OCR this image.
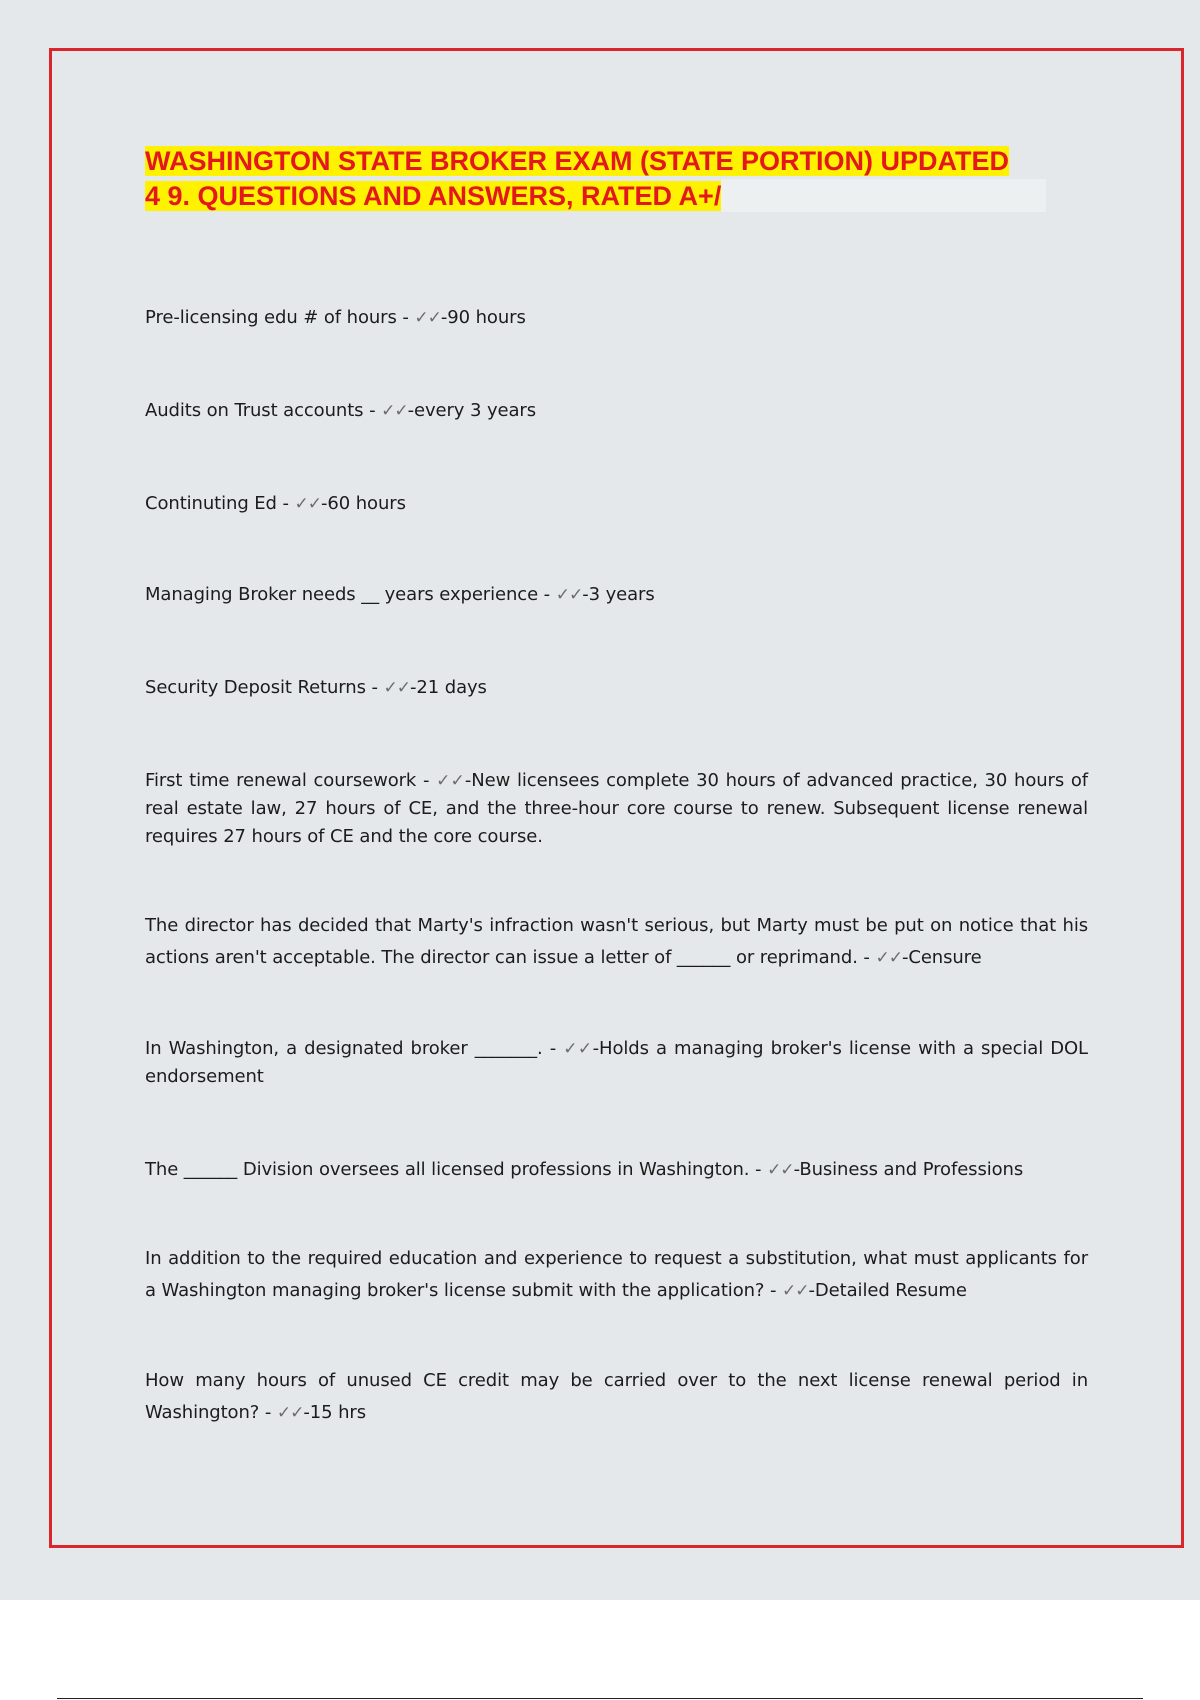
WASHINGTON STATE BROKER EXAM (STATE PORTION) UPDATED
4 9. QUESTIONS AND ANSWERS, RATED A+/

Pre-licensing edu # of hours - ✓✓-90 hours

Audits on Trust accounts - ✓✓-every 3 years

Continuting Ed - ✓✓-60 hours

Managing Broker needs __ years experience - ✓✓-3 years

Security Deposit Returns - ✓✓-21 days

First time renewal coursework - ✓✓-New licensees complete 30 hours of advanced practice, 30 hours of real estate law, 27 hours of CE, and the three-hour core course to renew. Subsequent license renewal requires 27 hours of CE and the core course.

The director has decided that Marty's infraction wasn't serious, but Marty must be put on notice that his actions aren't acceptable. The director can issue a letter of ______ or reprimand. - ✓✓-Censure

In Washington, a designated broker _______. - ✓✓-Holds a managing broker's license with a special DOL endorsement

The ______ Division oversees all licensed professions in Washington. - ✓✓-Business and Professions

In addition to the required education and experience to request a substitution, what must applicants for a Washington managing broker's license submit with the application? - ✓✓-Detailed Resume

How many hours of unused CE credit may be carried over to the next license renewal period in Washington? - ✓✓-15 hrs
